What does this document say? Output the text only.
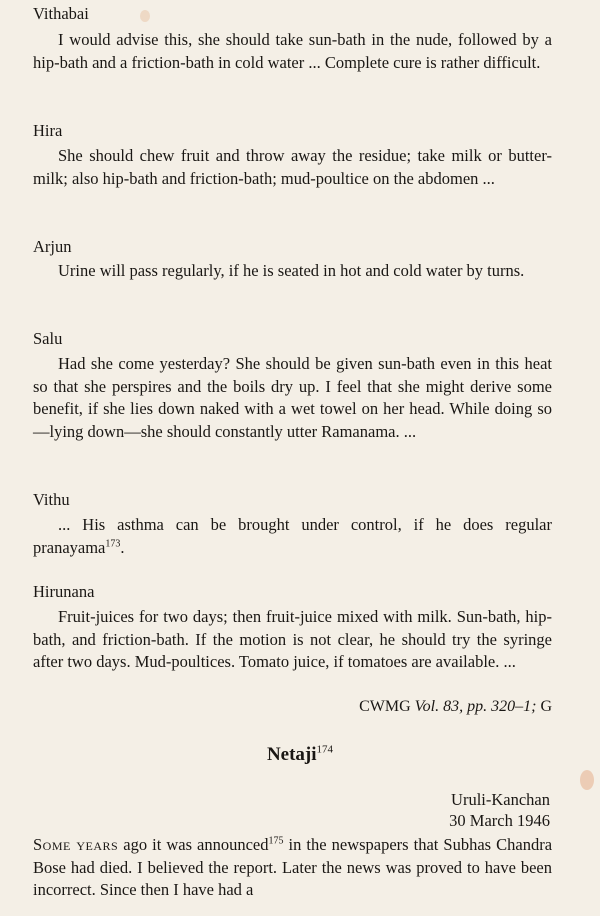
Vithabai
I would advise this, she should take sun-bath in the nude, followed by a hip-bath and a friction-bath in cold water ... Complete cure is rather difficult.
Hira
She should chew fruit and throw away the residue; take milk or butter-milk; also hip-bath and friction-bath; mud-poultice on the abdomen ...
Arjun
Urine will pass regularly, if he is seated in hot and cold water by turns.
Salu
Had she come yesterday? She should be given sun-bath even in this heat so that she perspires and the boils dry up. I feel that she might derive some benefit, if she lies down naked with a wet towel on her head. While doing so—lying down—she should constantly utter Ramanama. ...
Vithu
... His asthma can be brought under control, if he does regular pranayama$^{173}$.
Hirunana
Fruit-juices for two days; then fruit-juice mixed with milk. Sun-bath, hip-bath, and friction-bath. If the motion is not clear, he should try the syringe after two days. Mud-poultices. Tomato juice, if tomatoes are available. ...
CWMG Vol. 83, pp. 320–1; G
Netaji$^{174}$
Uruli-Kanchan
30 March 1946
Some years ago it was announced$^{175}$ in the newspapers that Subhas Chandra Bose had died. I believed the report. Later the news was proved to have been incorrect. Since then I have had a
